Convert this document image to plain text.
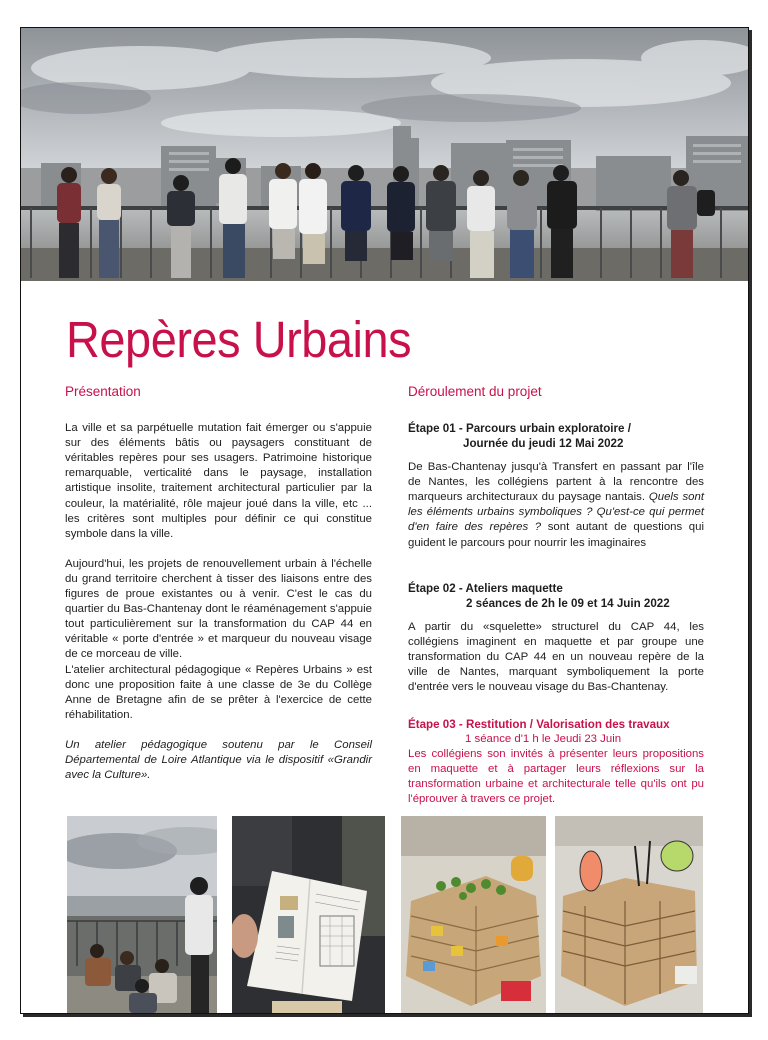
Repères Urbains
Présentation

La ville et sa parpétuelle mutation fait émerger ou s'appuie sur des éléments bâtis ou paysagers constituant de véritables repères pour ses usagers. Patrimoine historique remarquable, verticalité dans le paysage, installation artistique insolite, traitement architectural particulier par la couleur, la matérialité, rôle majeur joué dans la ville, etc ... les critères sont multiples pour définir ce qui constitue symbole dans la ville.

Aujourd'hui, les projets de renouvellement urbain à l'échelle du grand territoire cherchent à tisser des liaisons entre des figures de proue existantes ou à venir. C'est le cas du quartier du Bas-Chantenay dont le réaménagement s'appuie tout particulièrement sur la transformation du CAP 44 en véritable « porte d'entrée » et marqueur du nouveau visage de ce morceau de ville.

L'atelier architectural pédagogique « Repères Urbains » est donc une proposition faite à une classe de 3e du Collège Anne de Bretagne afin de se prêter à l'exercice de cette réhabilitation.

Un atelier pédagogique soutenu par le Conseil Départemental de Loire Atlantique via le dispositif «Grandir avec la Culture».

Déroulement du projet
Étape 01 - Parcours urbain exploratoire /
Journée du jeudi 12 Mai 2022

De Bas-Chantenay jusqu'à Transfert en passant par l'île de Nantes, les collégiens partent à la rencontre des marqueurs architecturaux du paysage nantais. Quels sont les éléments urbains symboliques ? Qu'est-ce qui permet d'en faire des repères ? sont autant de questions qui guident le parcours pour nourrir les imaginaires

Étape 02 - Ateliers maquette
2 séances de 2h le 09 et 14 Juin 2022

A partir du «squelette» structurel du CAP 44, les collégiens imaginent en maquette et par groupe une transformation du CAP 44 en un nouveau repère de la ville de Nantes, marquant symboliquement la porte d'entrée vers le nouveau visage du Bas-Chantenay.

Étape 03 - Restitution / Valorisation des travaux
1 séance d'1 h le Jeudi 23 Juin

Les collégiens son invités à présenter leurs propositions en maquette et à partager leurs réflexions sur la transformation urbaine et architecturale telle qu'ils ont pu l'éprouver à travers ce projet.
